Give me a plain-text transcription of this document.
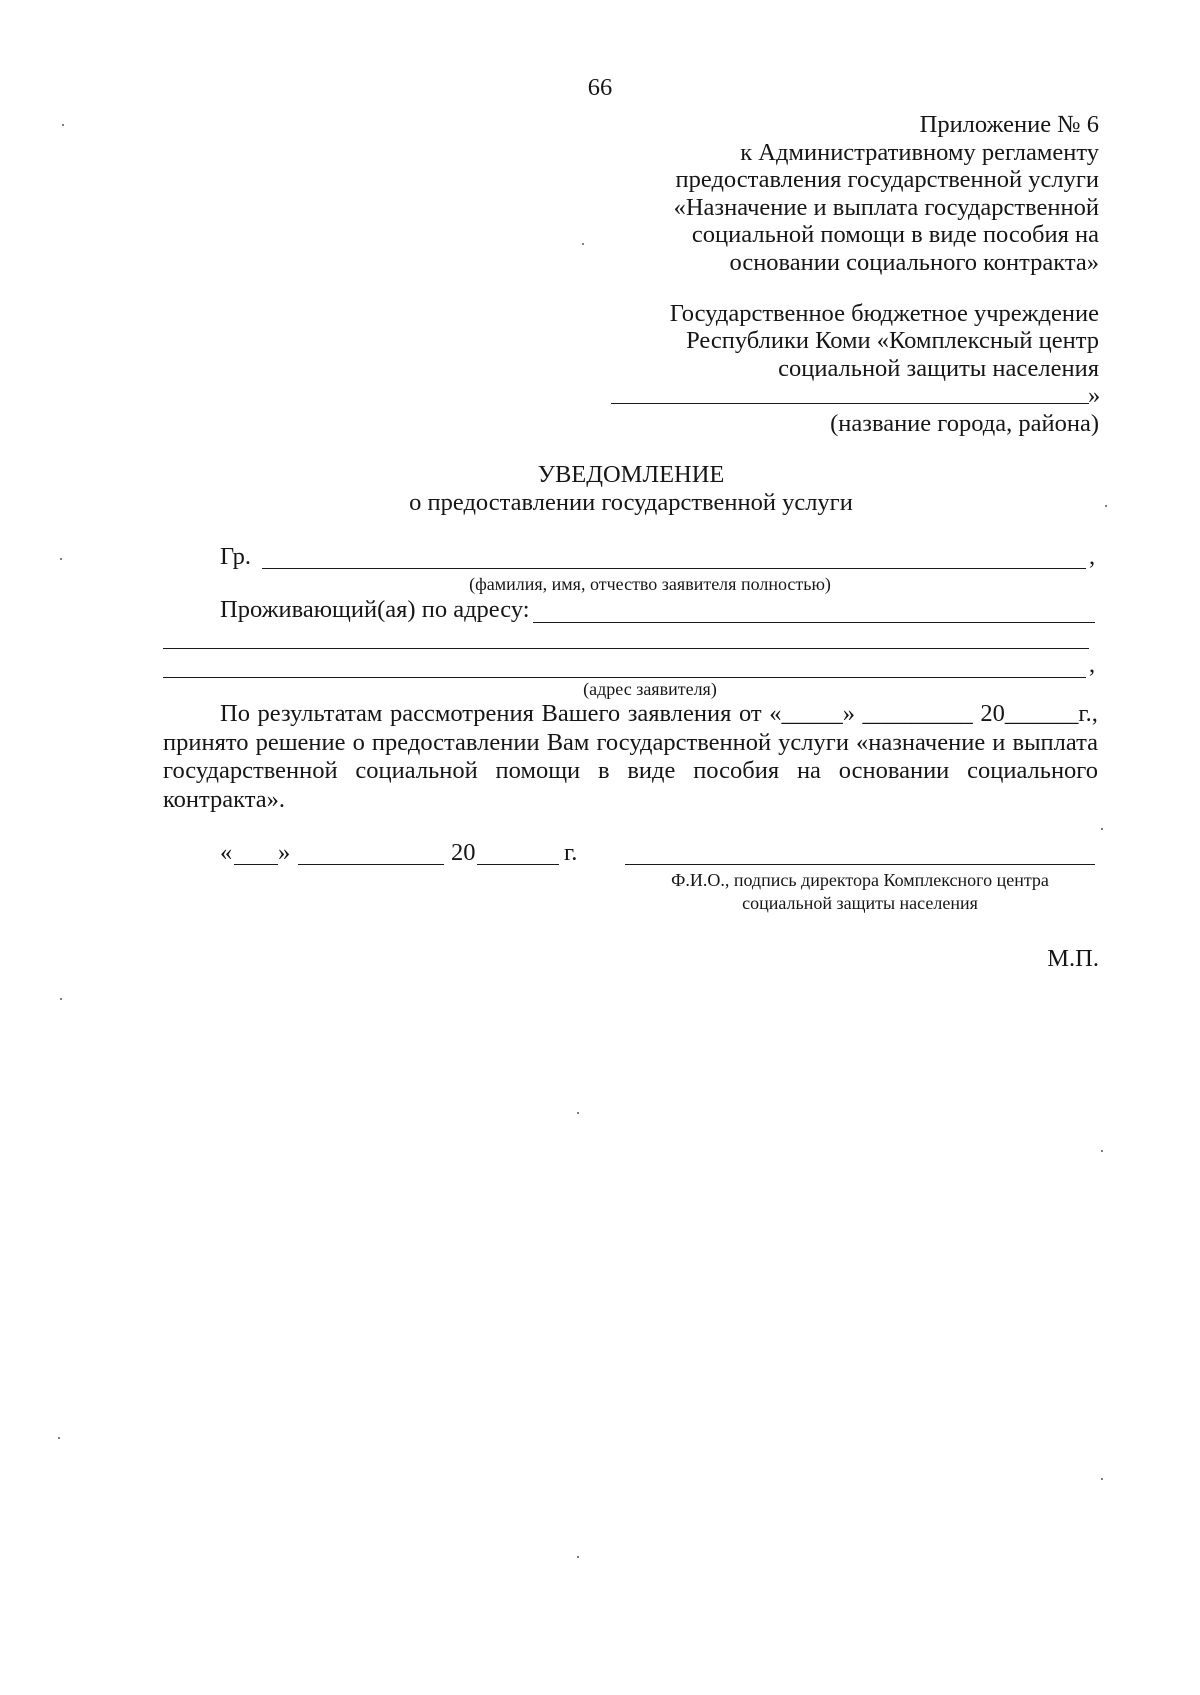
66
Приложение № 6
к Административному регламенту
предоставления государственной услуги
«Назначение и выплата государственной
социальной помощи в виде пособия на
основании социального контракта»
Государственное бюджетное учреждение
Республики Коми «Комплексный центр
социальной защиты населения
»
(название города, района)
УВЕДОМЛЕНИЕ
о предоставлении государственной услуги
Гр.	,
(фамилия, имя, отчество заявителя полностью)
Проживающий(ая) по адресу:
,
(адрес заявителя)
По результатам рассмотрения Вашего заявления от «_____» _________ 20______г.,
принято решение о предоставлении Вам государственной услуги «назначение и выплата
государственной социальной помощи в виде пособия на основании социального
контракта».
« »	20	г.
Ф.И.О., подпись директора Комплексного центра
социальной защиты населения
М.П.
